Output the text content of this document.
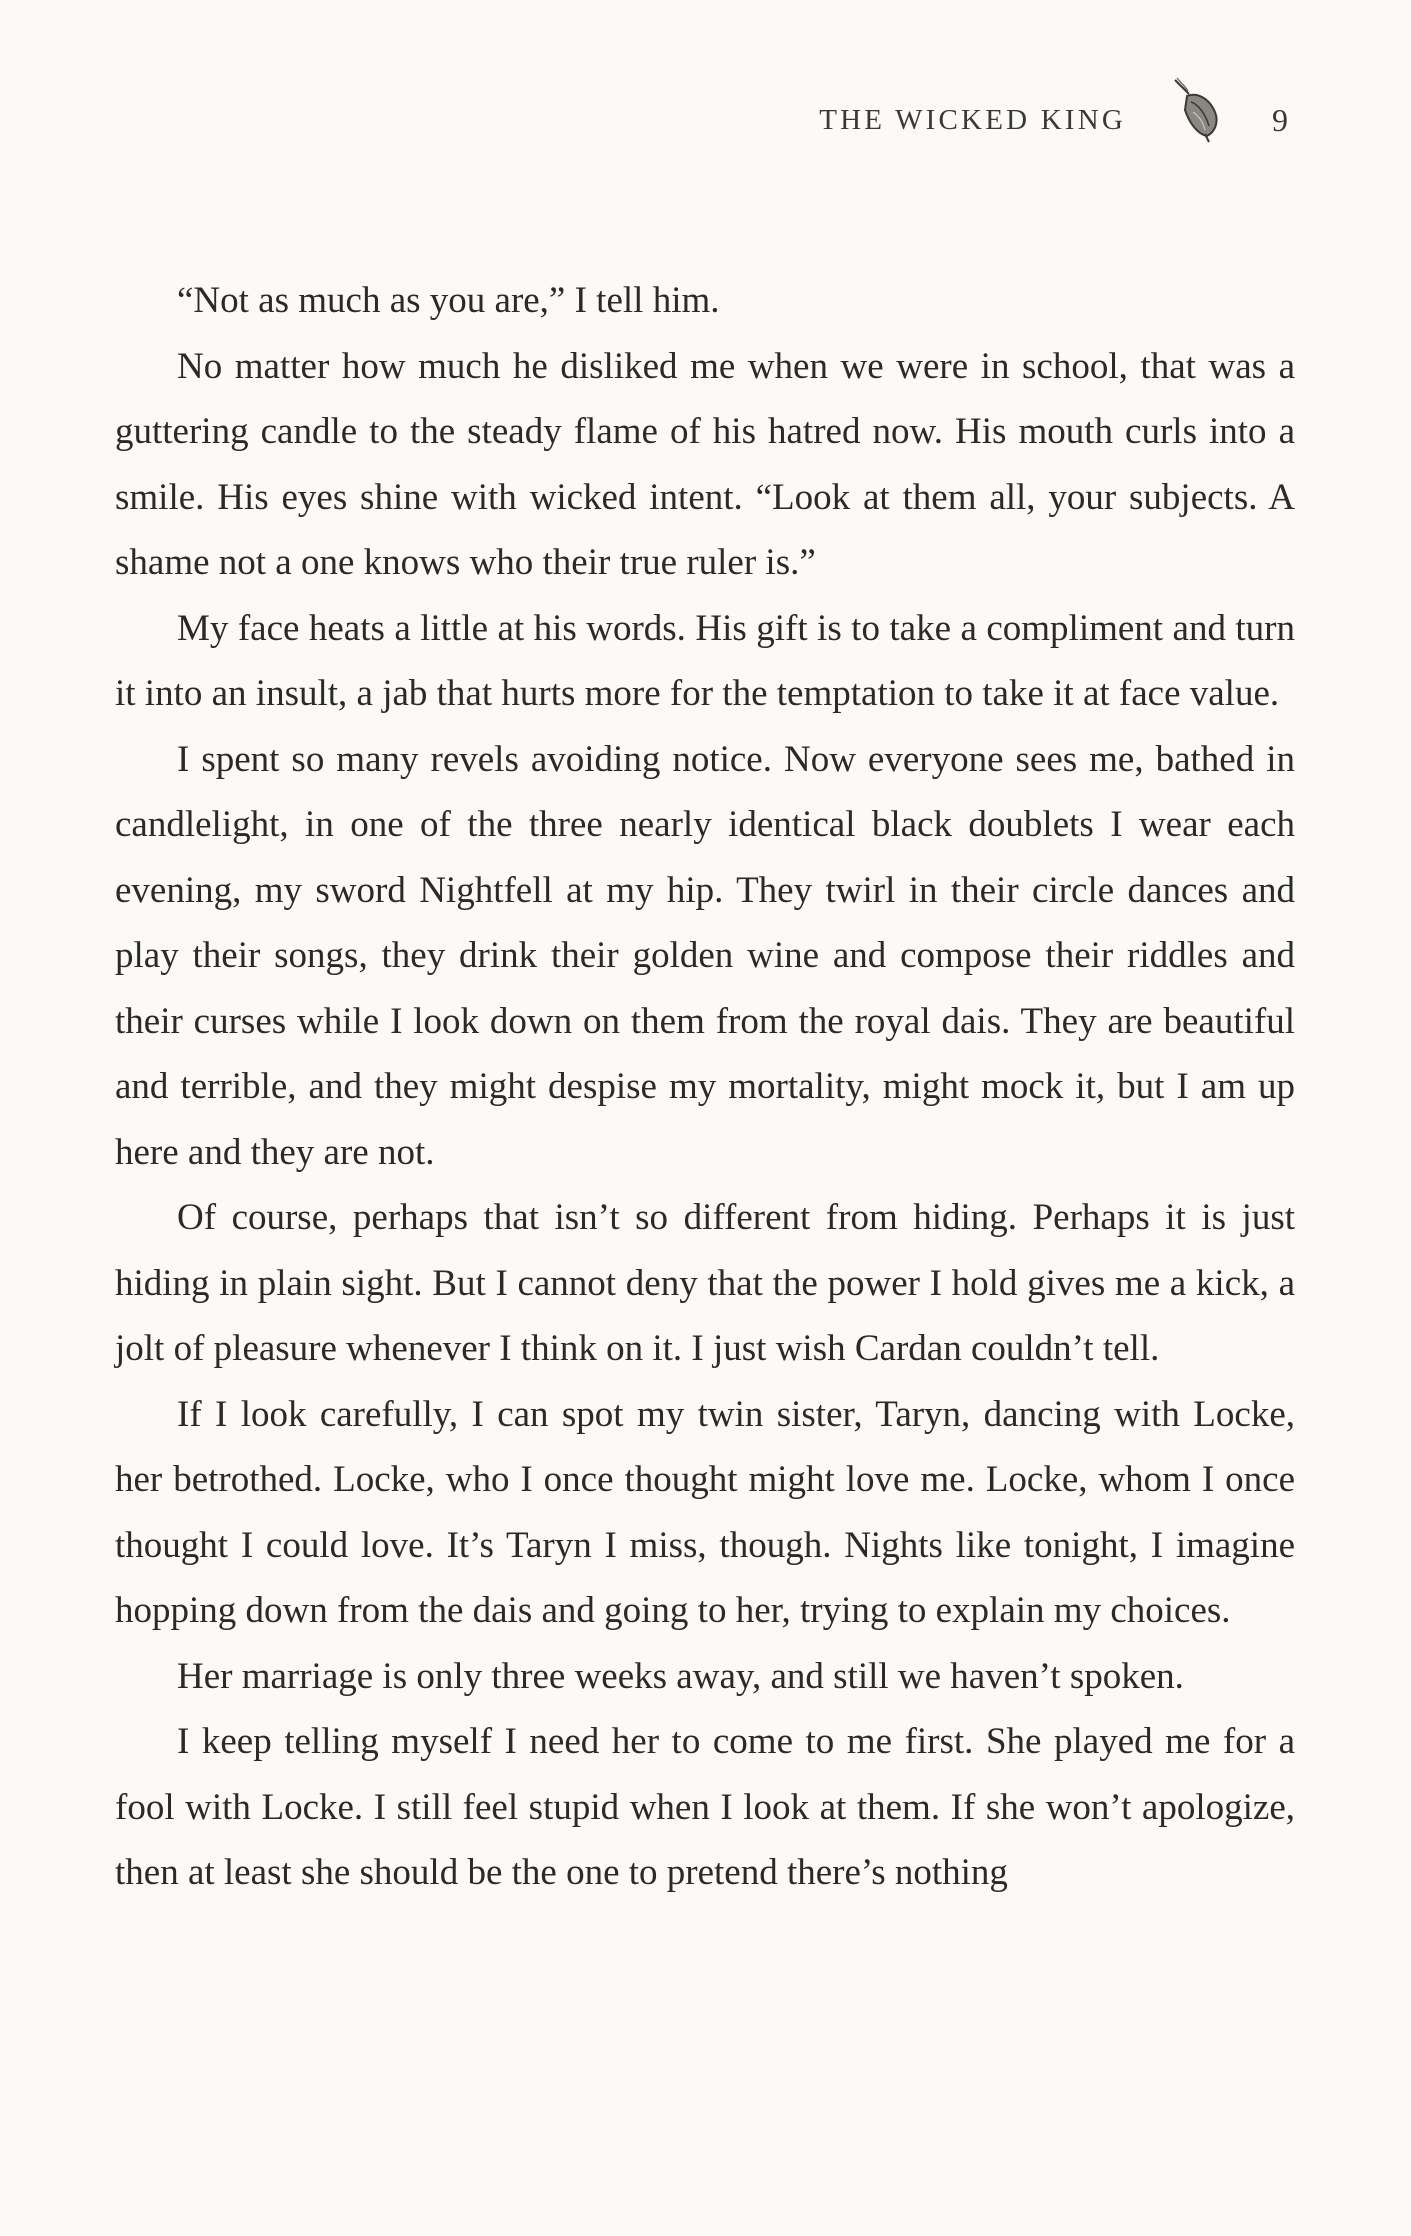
THE WICKED KING	9

“Not as much as you are,” I tell him.

No matter how much he disliked me when we were in school, that was a guttering candle to the steady flame of his hatred now. His mouth curls into a smile. His eyes shine with wicked intent. “Look at them all, your subjects. A shame not a one knows who their true ruler is.”

My face heats a little at his words. His gift is to take a compliment and turn it into an insult, a jab that hurts more for the temptation to take it at face value.

I spent so many revels avoiding notice. Now everyone sees me, bathed in candlelight, in one of the three nearly identical black doublets I wear each evening, my sword Nightfell at my hip. They twirl in their circle dances and play their songs, they drink their golden wine and compose their riddles and their curses while I look down on them from the royal dais. They are beautiful and terrible, and they might despise my mortality, might mock it, but I am up here and they are not.

Of course, perhaps that isn’t so different from hiding. Perhaps it is just hiding in plain sight. But I cannot deny that the power I hold gives me a kick, a jolt of pleasure whenever I think on it. I just wish Cardan couldn’t tell.

If I look carefully, I can spot my twin sister, Taryn, dancing with Locke, her betrothed. Locke, who I once thought might love me. Locke, whom I once thought I could love. It’s Taryn I miss, though. Nights like tonight, I imagine hopping down from the dais and going to her, trying to explain my choices.

Her marriage is only three weeks away, and still we haven’t spoken.

I keep telling myself I need her to come to me first. She played me for a fool with Locke. I still feel stupid when I look at them. If she won’t apologize, then at least she should be the one to pretend there’s nothing
